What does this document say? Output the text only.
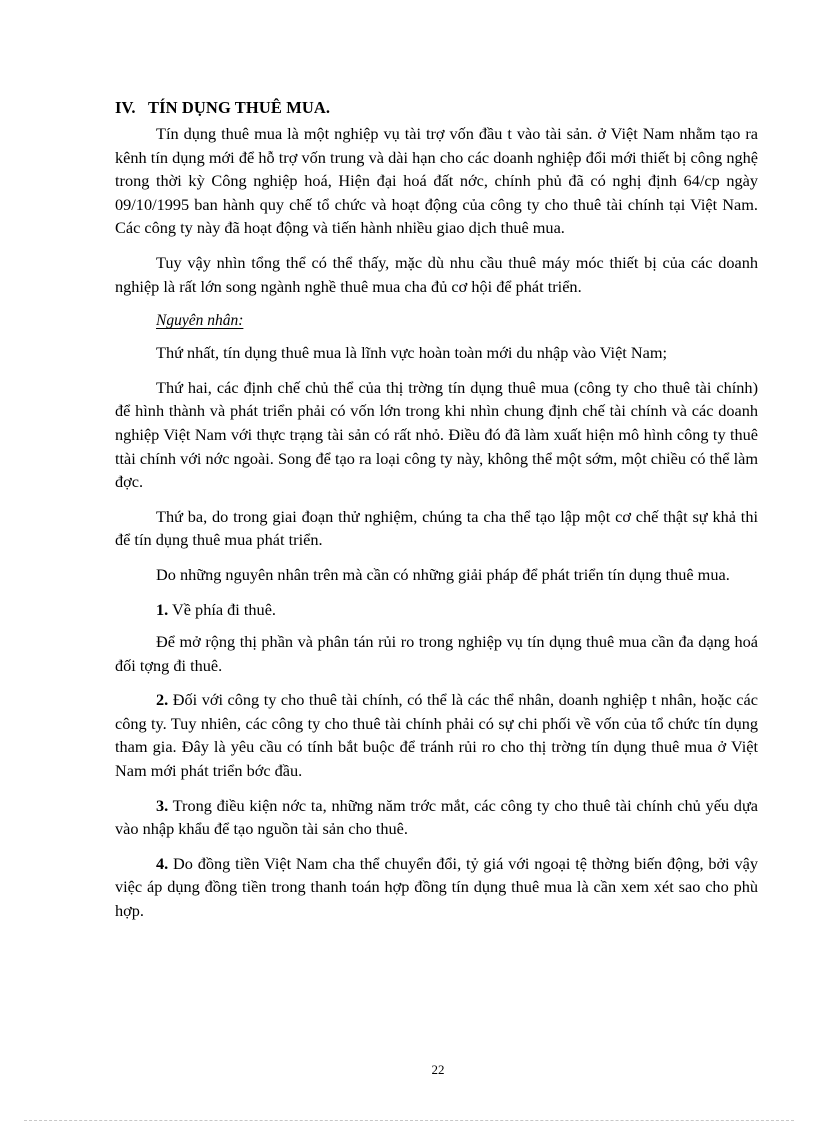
IV. TÍN DỤNG THUÊ MUA.

Tín dụng thuê mua là một nghiệp vụ tài trợ vốn đầu t vào tài sản. ở Việt Nam nhằm tạo ra kênh tín dụng mới để hỗ trợ vốn trung và dài hạn cho các doanh nghiệp đổi mới thiết bị công nghệ trong thời kỳ Công nghiệp hoá, Hiện đại hoá đất nớc, chính phủ đã có nghị định 64/cp ngày 09/10/1995 ban hành quy chế tổ chức và hoạt động của công ty cho thuê tài chính tại Việt Nam. Các công ty này đã hoạt động và tiến hành nhiều giao dịch thuê mua.

Tuy vậy nhìn tổng thể có thể thấy, mặc dù nhu cầu thuê máy móc thiết bị của các doanh nghiệp là rất lớn song ngành nghề thuê mua cha đủ cơ hội để phát triển.

Nguyên nhân:

Thứ nhất, tín dụng thuê mua là lĩnh vực hoàn toàn mới du nhập vào Việt Nam;

Thứ hai, các định chế chủ thể của thị trờng tín dụng thuê mua (công ty cho thuê tài chính) để hình thành và phát triển phải có vốn lớn trong khi nhìn chung định chế tài chính và các doanh nghiệp Việt Nam với thực trạng tài sản có rất nhỏ. Điều đó đã làm xuất hiện mô hình công ty thuê ttài chính với nớc ngoài. Song để tạo ra loại công ty này, không thể một sớm, một chiều có thể làm đợc.

Thứ ba, do trong giai đoạn thử nghiệm, chúng ta cha thể tạo lập một cơ chế thật sự khả thi để tín dụng thuê mua phát triển.

Do những nguyên nhân trên mà cần có những giải pháp để phát triển tín dụng thuê mua.

1. Về phía đi thuê.

Để mở rộng thị phần và phân tán rủi ro trong nghiệp vụ tín dụng thuê mua cần đa dạng hoá đối tợng đi thuê.

2. Đối với công ty cho thuê tài chính, có thể là các thể nhân, doanh nghiệp t nhân, hoặc các công ty. Tuy nhiên, các công ty cho thuê tài chính phải có sự chi phối về vốn của tổ chức tín dụng tham gia. Đây là yêu cầu có tính bắt buộc để tránh rủi ro cho thị trờng tín dụng thuê mua ở Việt Nam mới phát triển bớc đầu.

3. Trong điều kiện nớc ta, những năm trớc mắt, các công ty cho thuê tài chính chủ yếu dựa vào nhập khẩu để tạo nguồn tài sản cho thuê.

4. Do đồng tiền Việt Nam cha thể chuyển đổi, tỷ giá với ngoại tệ thờng biến động, bởi vậy việc áp dụng đồng tiền trong thanh toán hợp đồng tín dụng thuê mua là cần xem xét sao cho phù hợp.

22
